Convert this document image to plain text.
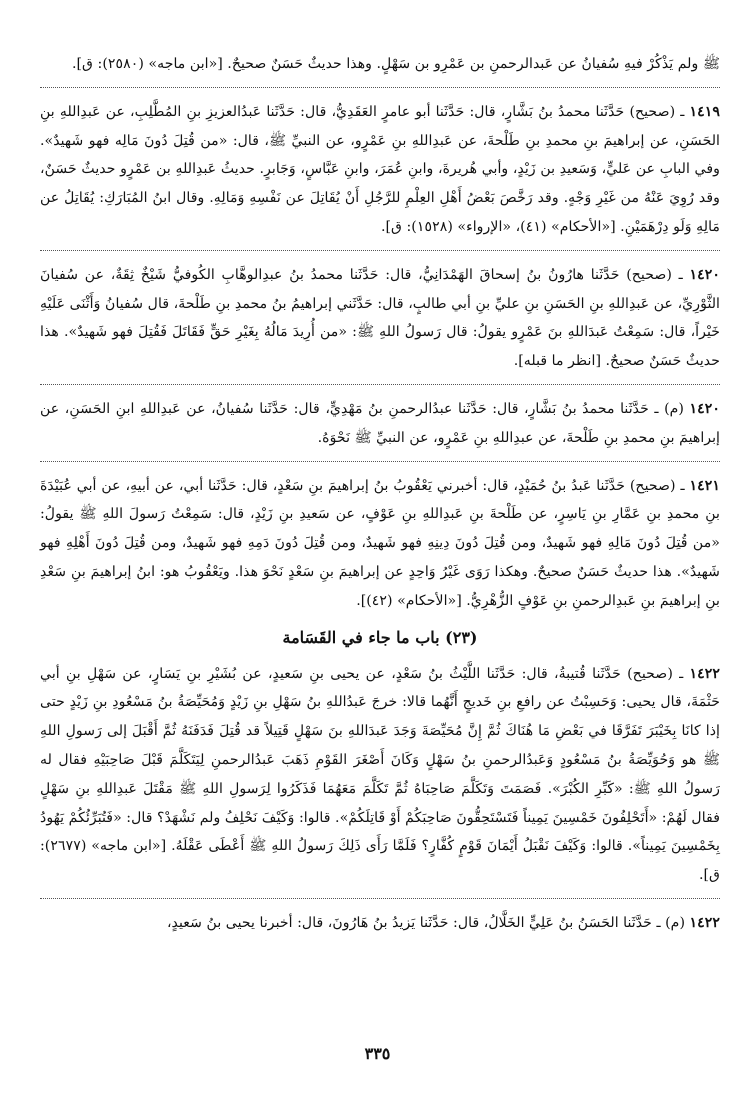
ﷺ ولم يَذْكُرْ فيهِ سُفيانُ عن عَبدالرحمنِ بن عَمْرِو بن سَهْلٍ. وهذا حديثٌ حَسَنٌ صحيحٌ. [«ابن ماجه» (٢٥٨٠): ق].

١٤١٩ ـ (صحيح) حَدَّثَنا محمدُ بنُ بَشَّارٍ، قال: حَدَّثَنا أبو عامرٍ العَقَدِيُّ، قال: حَدَّثَنا عَبدُالعزيزِ بنِ المُطَّلِبِ، عن عَبدِاللهِ بنِ الحَسَنِ، عن إبراهيمَ بنِ محمدِ بنِ طَلْحةَ، عن عَبدِاللهِ بنِ عَمْرٍو، عن النبيِّ ﷺ، قال: «من قُتِلَ دُونَ مَالِه فهو شَهيدٌ». وفي البابِ عن عَليٍّ، وَسَعيدِ بن زَيْدٍ، وأبي هُريرةَ، وابنِ عُمَرَ، وابنِ عَبَّاسٍ، وَجَابرٍ. حديثُ عَبدِاللهِ بن عَمْرٍو حديثٌ حَسَنٌ، وقد رُوِيَ عَنْهُ من غَيْرِ وَجْهٍ. وقد رَخَّصَ بَعْضُ أَهْلِ العِلْمِ للرَّجُلِ أَنْ يُقَاتِلَ عن نَفْسِهِ وَمَالِهِ. وقال ابنُ المُبَارَكِ: يُقَاتِلُ عن مَالِهِ وَلَو دِرْهَمَيْنِ. [«الأحكام» (٤١)، «الإرواء» (١٥٢٨): ق].

١٤٢٠ ـ (صحيح) حَدَّثَنا هارُونُ بنُ إسحاقَ الهَمْدَانِيُّ، قال: حَدَّثَنا محمدُ بنُ عبدِالوهَّابِ الكُوفيُّ شَيْخٌ ثِقَةٌ، عن سُفيانَ الثَّوْرِيِّ، عن عَبدِاللهِ بنِ الحَسَنِ بنِ عليِّ بنِ أبي طالبٍ، قال: حَدَّثَني إبراهيمُ بنُ محمدِ بنِ طَلْحةَ، قال سُفيانُ وَأَثْنَى عَلَيْهِ خَيْراً، قال: سَمِعْتُ عَبدَاللهِ بنَ عَمْرٍو يقولُ: قال رَسولُ اللهِ ﷺ: «من أُرِيدَ مَالُهُ بِغَيْرِ حَقٍّ فَقَاتَلَ فَقُتِلَ فهو شَهيدٌ». هذا حديثٌ حَسَنٌ صحيحٌ. [انظر ما قبله].

١٤٢٠ (م) ـ حَدَّثَنا محمدُ بنُ بَشَّارٍ، قال: حَدَّثَنا عبدُالرحمنِ بنُ مَهْدِيٍّ، قال: حَدَّثَنا سُفيانُ، عن عَبدِاللهِ ابنِ الحَسَنِ، عن إبراهيمَ بنِ محمدِ بنِ طَلْحةَ، عن عبدِاللهِ بنِ عَمْرٍو، عن النبيِّ ﷺ نَحْوَهُ.

١٤٢١ ـ (صحيح) حَدَّثَنا عَبدُ بنُ حُمَيْدٍ، قال: أخبرني يَعْقُوبُ بنُ إبراهيمَ بنِ سَعْدٍ، قال: حَدَّثَنا أبي، عن أبيهِ، عن أبي عُبَيْدَةَ بنِ محمدِ بنِ عَمَّارِ بنِ يَاسِرٍ، عن طَلْحةَ بنِ عَبدِاللهِ بنِ عَوْفٍ، عن سَعيدِ بنِ زَيْدٍ، قال: سَمِعْتُ رَسولَ اللهِ ﷺ يقولُ: «من قُتِلَ دُونَ مَالِهِ فهو شَهيدٌ، ومن قُتِلَ دُونَ دِينِهِ فهو شَهيدٌ، ومن قُتِلَ دُونَ دَمِهِ فهو شَهيدٌ، ومن قُتِلَ دُونَ أَهْلِهِ فهو شَهيدٌ». هذا حديثٌ حَسَنٌ صحيحٌ. وهكذا رَوَى غَيْرُ وَاحِدٍ عن إبراهيمَ بنِ سَعْدٍ نَحْوَ هذا. ويَعْقُوبُ هو: ابنُ إبراهيمَ بنِ سَعْدِ بنِ إبراهيمَ بنِ عَبدِالرحمنِ بنِ عَوْفٍ الزُّهْرِيُّ. [«الأحكام» (٤٢)].

(٢٣) باب ما جاء في القَسَامة

١٤٢٢ ـ (صحيح) حَدَّثَنا قُتيبةُ، قال: حَدَّثَنا اللَّيْثُ بنُ سَعْدٍ، عن يحيى بنِ سَعيدٍ، عن بُشَيْرِ بنِ يَسَارٍ، عن سَهْلِ بنِ أبي حَثْمَةَ، قال يحيى: وَحَسِبْتُ عن رافعِ بنِ خَديجٍ أَنَّهُما قالا: خرجَ عَبدُاللهِ بنُ سَهْلِ بنِ زَيْدٍ وَمُحَيِّصَةُ بنُ مَسْعُودِ بنِ زَيْدٍ حتى إذا كانَا بِخَيْبَرَ تَفَرَّقَا في بَعْضِ مَا هُنَاكَ ثُمَّ إِنَّ مُحَيِّصَةَ وَجَدَ عَبدَاللهِ بنَ سَهْلٍ قَتِيلاً قد قُتِلَ فَدَفَنَهُ ثُمَّ أَقْبَلَ إلى رَسولِ اللهِ ﷺ هو وَحُوَيِّصَةُ بنُ مَسْعُودٍ وَعَبدُالرحمنِ بنُ سَهْلٍ وَكَانَ أَصْغَرَ القَوْمِ ذَهَبَ عَبدُالرحمنِ لِيَتَكَلَّمَ قَبْلَ صَاحِبَيْهِ فقال له رَسولُ اللهِ ﷺ: «كَبِّرِ الكُبْرَ». فَصَمَتَ وَتَكَلَّمَ صَاحِبَاهُ ثُمَّ تَكَلَّمَ مَعَهُمَا فَذَكَرُوا لِرَسولِ اللهِ ﷺ مَقْتَلَ عَبدِاللهِ بنِ سَهْلٍ فقال لَهُمْ: «أَتَحْلِفُونَ خَمْسِينَ يَمِيناً فَتَسْتَحِقُّونَ صَاحِبَكُمْ أَوْ قَاتِلَكُمْ». قالوا: وَكَيْفَ نَحْلِفُ ولم نَشْهَدْ؟ قال: «فَتُبَرِّئُكُمْ يَهُودُ بِخَمْسِينَ يَمِيناً». قالوا: وَكَيْفَ نَقْبَلُ أَيْمَانَ قَوْمٍ كُفَّارٍ؟ فَلَمَّا رَأَى ذَلِكَ رَسولُ اللهِ ﷺ أَعْطَى عَقْلَهُ. [«ابن ماجه» (٢٦٧٧): ق].

١٤٢٢ (م) ـ حَدَّثَنا الحَسَنُ بنُ عَلِيٍّ الخَلَّالُ، قال: حَدَّثَنا يَزيدُ بنُ هَارُونَ، قال: أخبرنا يحيى بنُ سَعيدٍ،

٣٣٥
